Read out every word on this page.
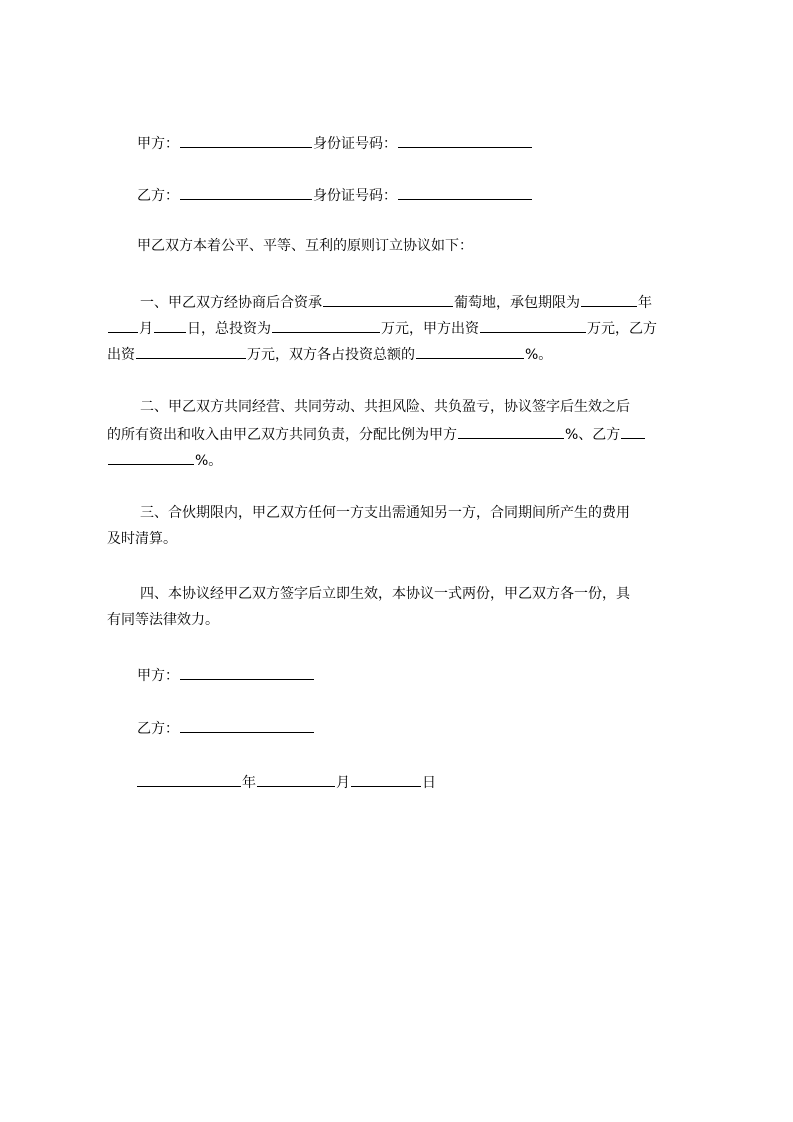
甲方：	身份证号码：
乙方：	身份证号码：
甲乙双方本着公平、平等、互利的原则订立协议如下：
一、甲乙双方经协商后合资承	葡萄地，承包期限为	年
月 日，总投资为	万元，甲方出资	万元，乙方
出资	万元，双方各占投资总额的	%。
二、甲乙双方共同经营、共同劳动、共担风险、共负盈亏，协议签字后生效之后
的所有资出和收入由甲乙双方共同负责，分配比例为甲方	%、乙方
%。
三、合伙期限内，甲乙双方任何一方支出需通知另一方，合同期间所产生的费用
及时清算。
四、本协议经甲乙双方签字后立即生效，本协议一式两份，甲乙双方各一份，具
有同等法律效力。
甲方：
乙方：
年	月	日
